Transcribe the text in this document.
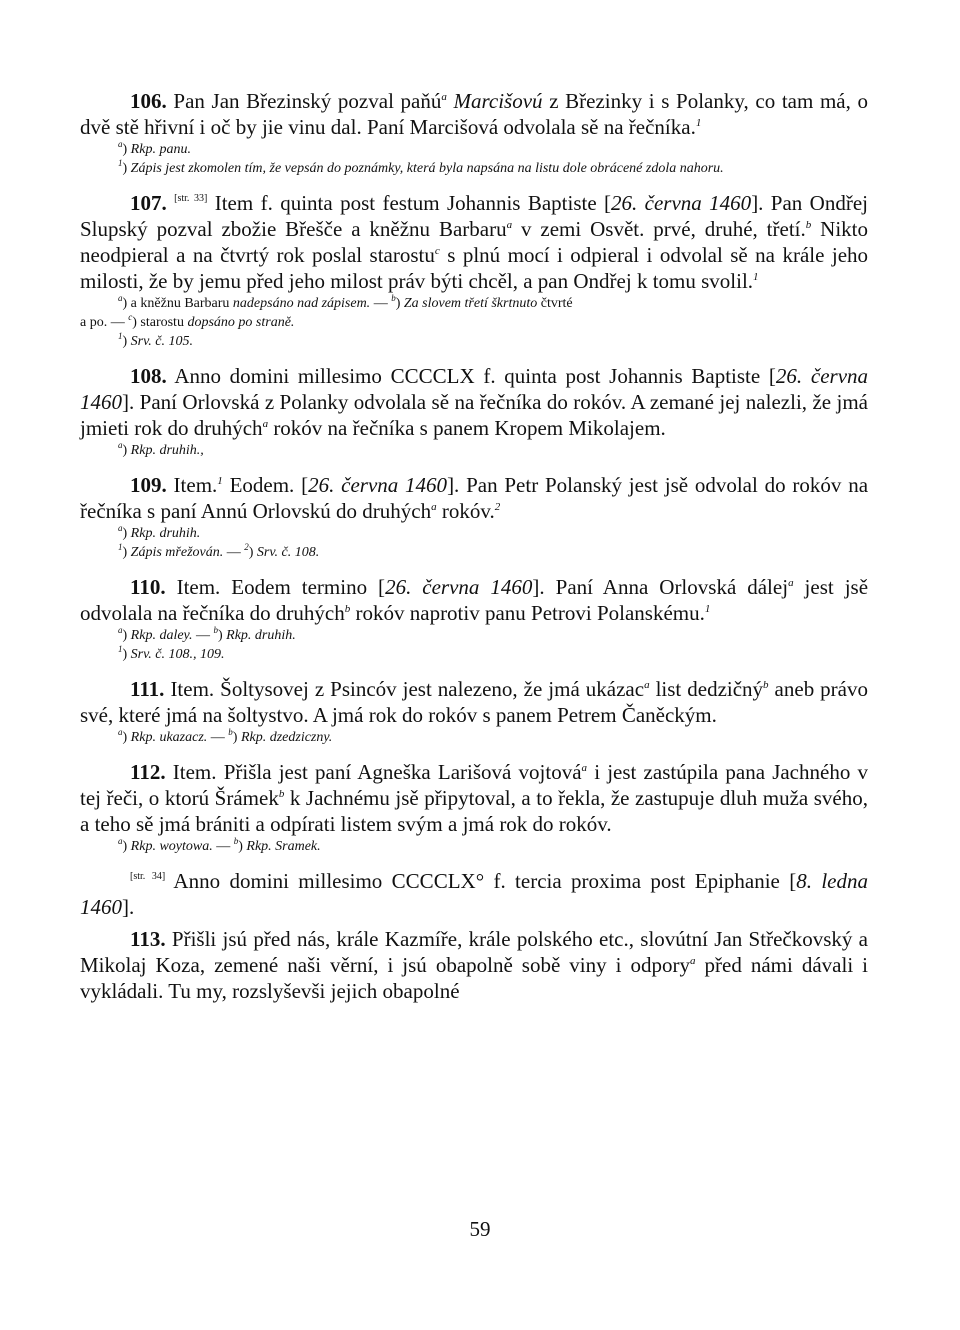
106. Pan Jan Březinský pozval paňú$^a$ Marcišovú z Březinky i s Polanky, co tam má, o dvě stě hřivní i oč by jie vinu dal. Paní Marcišová odvolala sě na řečníka.$^1$

$^a$) Rkp. panu.
$^1$) Zápis jest zkomolen tím, že vepsán do poznámky, která byla napsána na listu dole obrácené zdola nahoru.

107. [str. 33] Item f. quinta post festum Johannis Baptiste [26. června 1460]. Pan Ondřej Slupský pozval zbožie Břešče a kněžnu Barbaru$^a$ v zemi Osvět. prvé, druhé, třetí.$^b$ Nikto neodpieral a na čtvrtý rok poslal starostu$^c$ s plnú mocí i odpieral i odvolal sě na krále jeho milosti, že by jemu před jeho milost práv býti chcěl, a pan Ondřej k tomu svolil.$^1$

$^a$) a kněžnu Barbaru nadepsáno nad zápisem. — $^b$) Za slovem třetí škrtnuto čtvrté
a po. — $^c$) starostu dopsáno po straně.
$^1$) Srv. č. 105.

108. Anno domini millesimo CCCCLX f. quinta post Johannis Baptiste [26. června 1460]. Paní Orlovská z Polanky odvolala sě na řečníka do rokóv. A zemané jej nalezli, že jmá jmieti rok do druhých$^a$ rokóv na řečníka s panem Kropem Mikolajem.

$^a$) Rkp. druhih.,

109. Item.$^1$ Eodem. [26. června 1460]. Pan Petr Polanský jest jsě odvolal do rokóv na řečníka s paní Annú Orlovskú do druhých$^a$ rokóv.$^2$

$^a$) Rkp. druhih.
$^1$) Zápis mřežován. — $^2$) Srv. č. 108.

110. Item. Eodem termino [26. června 1460]. Paní Anna Orlovská dálej$^a$ jest jsě odvolala na řečníka do druhých$^b$ rokóv naprotiv panu Petrovi Polanskému.$^1$

$^a$) Rkp. daley. — $^b$) Rkp. druhih.
$^1$) Srv. č. 108., 109.

111. Item. Šoltysovej z Psincóv jest nalezeno, že jmá ukázac$^a$ list dedzičný$^b$ aneb právo své, které jmá na šoltystvo. A jmá rok do rokóv s panem Petrem Čaněckým.

$^a$) Rkp. ukazacz. — $^b$) Rkp. dzedziczny.

112. Item. Přišla jest paní Agneška Larišová vojtová$^a$ i jest zastúpila pana Jachného v tej řeči, o ktorú Šrámek$^b$ k Jachnému jsě připytoval, a to řekla, že zastupuje dluh muža svého, a teho sě jmá brániti a odpírati listem svým a jmá rok do rokóv.

$^a$) Rkp. woytowa. — $^b$) Rkp. Sramek.

[str. 34] Anno domini millesimo CCCCLX° f. tercia proxima post Epiphanie [8. ledna 1460].

113. Přišli jsú před nás, krále Kazmíře, krále polského etc., slovútní Jan Střečkovský a Mikolaj Koza, zemené naši věrní, i jsú obapolně sobě viny i odpory$^a$ před námi dávali i vykládali. Tu my, rozslyševši jejich obapolné

59
